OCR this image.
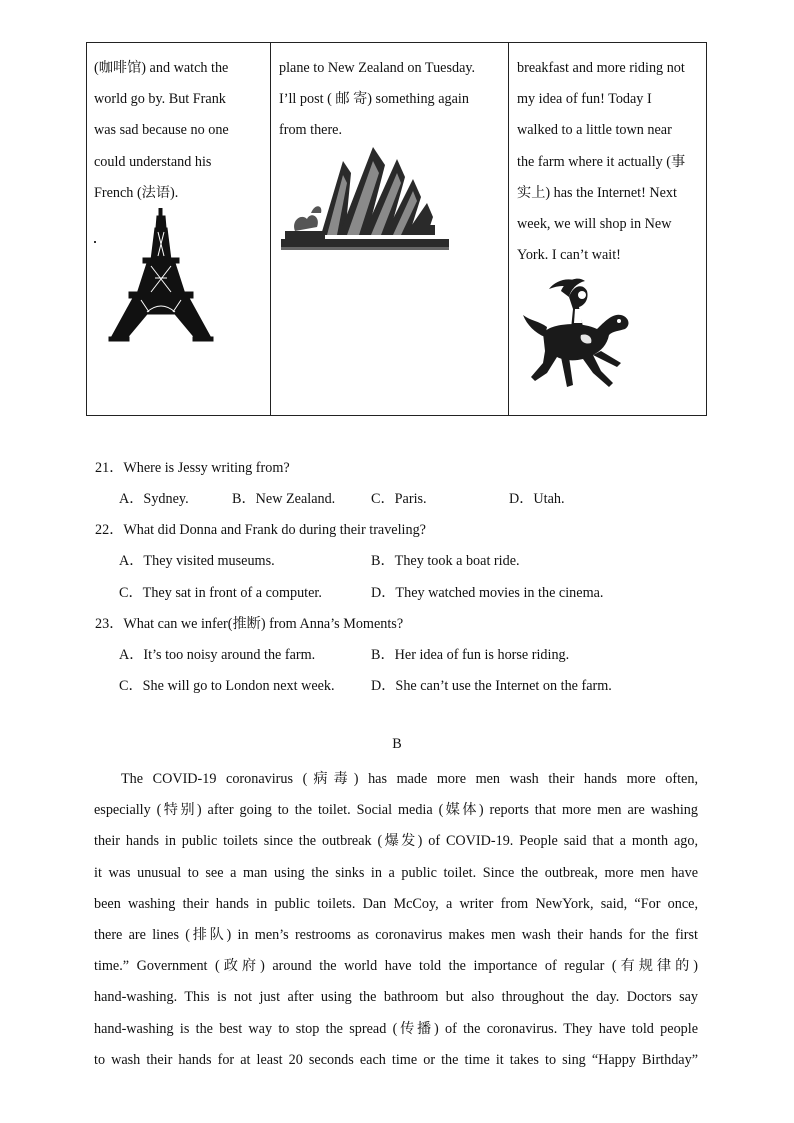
(咖啡馆) and watch the
world go by. But Frank
was sad because no one
could understand his
French (法语).
plane to New Zealand on Tuesday.
I’ll post ( 邮 寄) something again
from there.
breakfast and more riding not
my idea of fun! Today I
walked to a little town near
the farm where it actually (事
实上) has the Internet! Next
week, we will shop in New
York. I can’t wait!
21．Where is Jessy writing from?
A．Sydney.	B．New Zealand.	C．Paris.	D．Utah.
22．What did Donna and Frank do during their traveling?
A．They visited museums.	B．They took a boat ride.
C．They sat in front of a computer.	D．They watched movies in the cinema.
23．What can we infer(推断) from Anna’s Moments?
A．It’s too noisy around the farm.	B．Her idea of fun is horse riding.
C．She will go to London next week.	D．She can’t use the Internet on the farm.
B
The COVID-19 coronavirus (病毒) has made more men wash their hands more often,
especially (特别) after going to the toilet. Social media (媒体) reports that more men are washing
their hands in public toilets since the outbreak (爆发) of COVID-19. People said that a month ago,
it was unusual to see a man using the sinks in a public toilet. Since the outbreak, more men have
been washing their hands in public toilets. Dan McCoy, a writer from NewYork, said, “For once,
there are lines (排队) in men’s restrooms as coronavirus makes men wash their hands for the first
time.” Government (政府) around the world have told the importance of regular (有规律的)
hand-washing. This is not just after using the bathroom but also throughout the day. Doctors say
hand-washing is the best way to stop the spread (传播) of the coronavirus. They have told people
to wash their hands for at least 20 seconds each time or the time it takes to sing “Happy Birthday”
